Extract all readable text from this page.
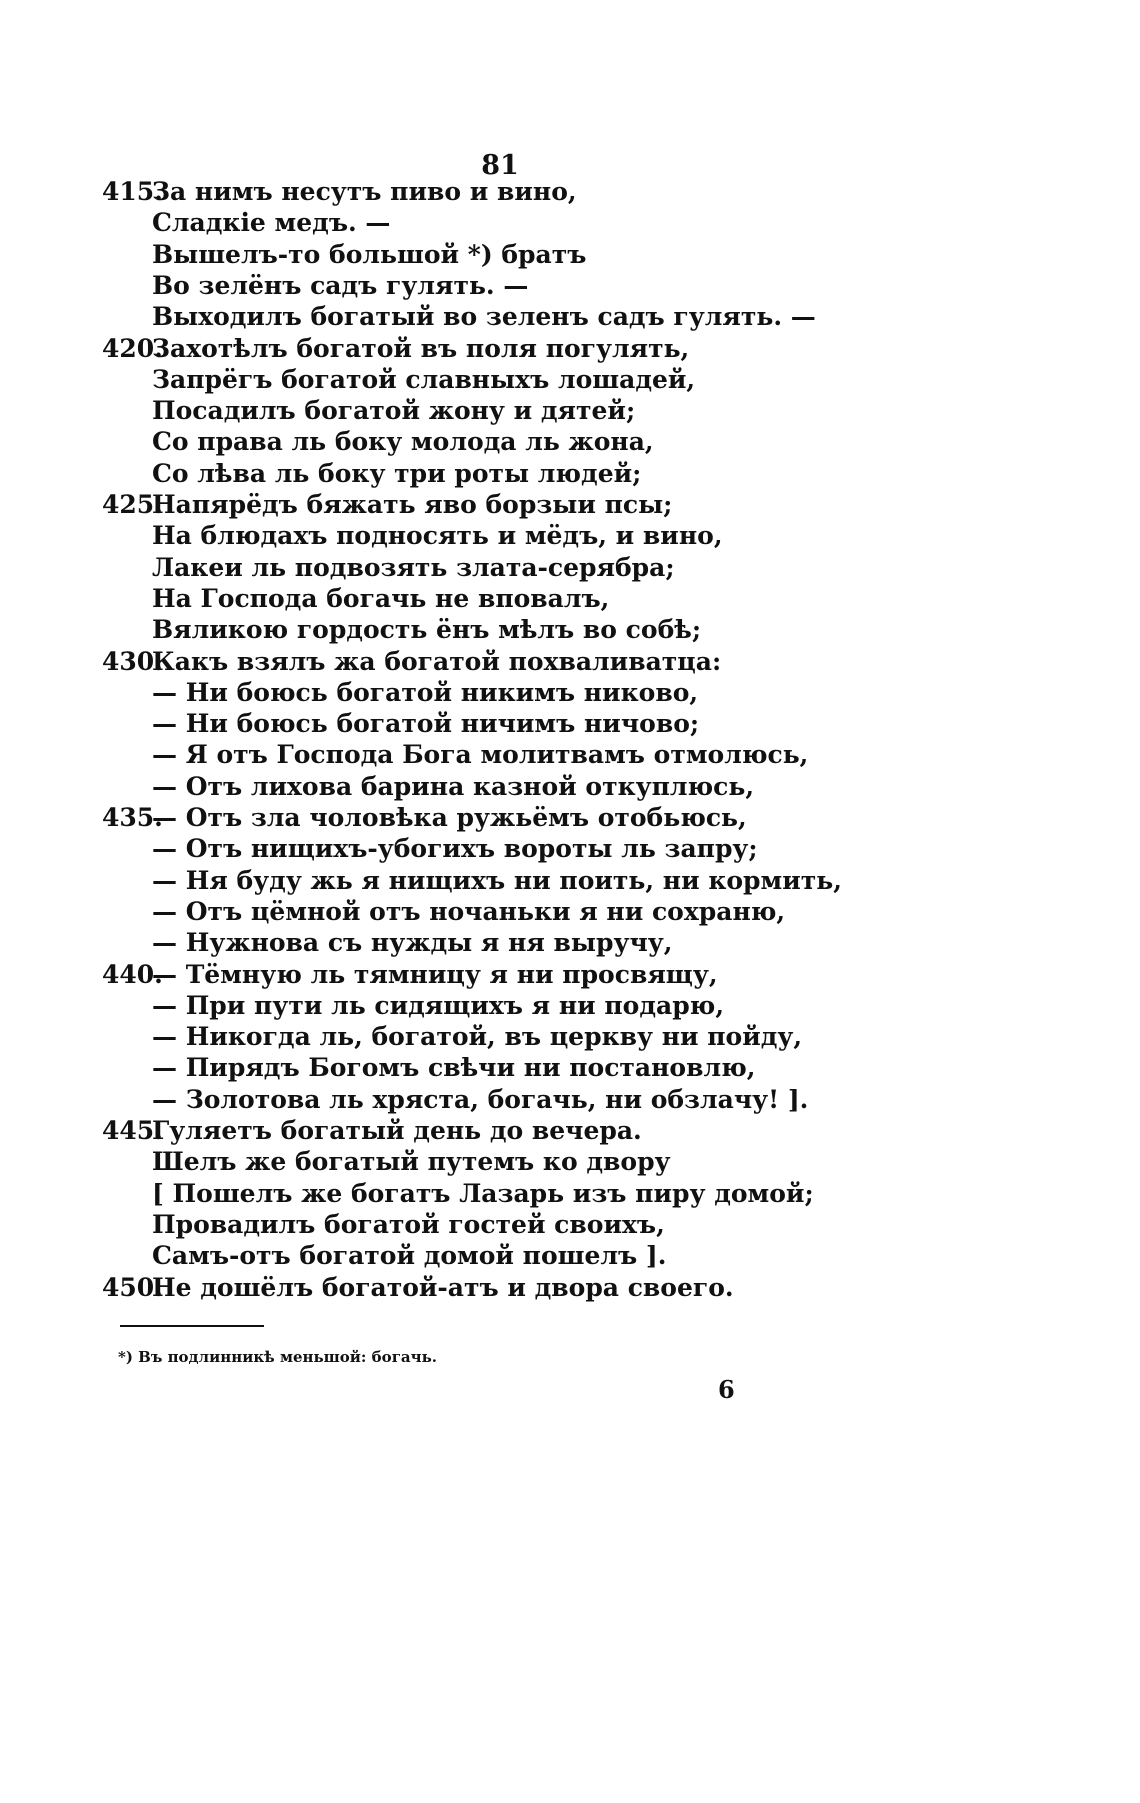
81
415.За нимъ несутъ пиво и вино,
Сладкіе медъ. —
Вышелъ-то большой *) братъ
Во зелёнъ садъ гулять. —
Выходилъ богатый во зеленъ садъ гулять. —
420.Захотѣлъ богатой въ поля погулять,
Запрёгъ богатой славныхъ лошадей,
Посадилъ богатой жону и дятей;
Со права ль боку молода ль жона,
Со лѣва ль боку три роты людей;
425.Напярёдъ бяжать яво борзыи псы;
На блюдахъ подносять и мёдъ, и вино,
Лакеи ль подвозять злата-серябра;
На Господа богачь не вповалъ,
Вяликою гордость ёнъ мѣлъ во собѣ;
430.Какъ взялъ жа богатой похваливатца:
— Ни боюсь богатой никимъ никово,
— Ни боюсь богатой ничимъ ничово;
— Я отъ Господа Бога молитвамъ отмолюсь,
— Отъ лихова барина казной откуплюсь,
435.— Отъ зла чоловѣка ружьёмъ отобьюсь,
— Отъ нищихъ-убогихъ вороты ль запру;
— Ня буду жь я нищихъ ни поить, ни кормить,
— Отъ цёмной отъ ночаньки я ни сохраню,
— Нужнова съ нужды я ня выручу,
440.— Тёмную ль тямницу я ни просвящу,
— При пути ль сидящихъ я ни подарю,
— Никогда ль, богатой, въ церкву ни пойду,
— Пирядъ Богомъ свѣчи ни постановлю,
— Золотова ль хряста, богачь, ни обзлачу! ].
445.Гуляетъ богатый день до вечера.
Шелъ же богатый путемъ ко двору
[ Пошелъ же богатъ Лазарь изъ пиру домой;
Провадилъ богатой гостей своихъ,
Самъ-отъ богатой домой пошелъ ].
450.Не дошёлъ богатой-атъ и двора своего.
*) Въ подлинникѣ меньшой: богачь.
6
